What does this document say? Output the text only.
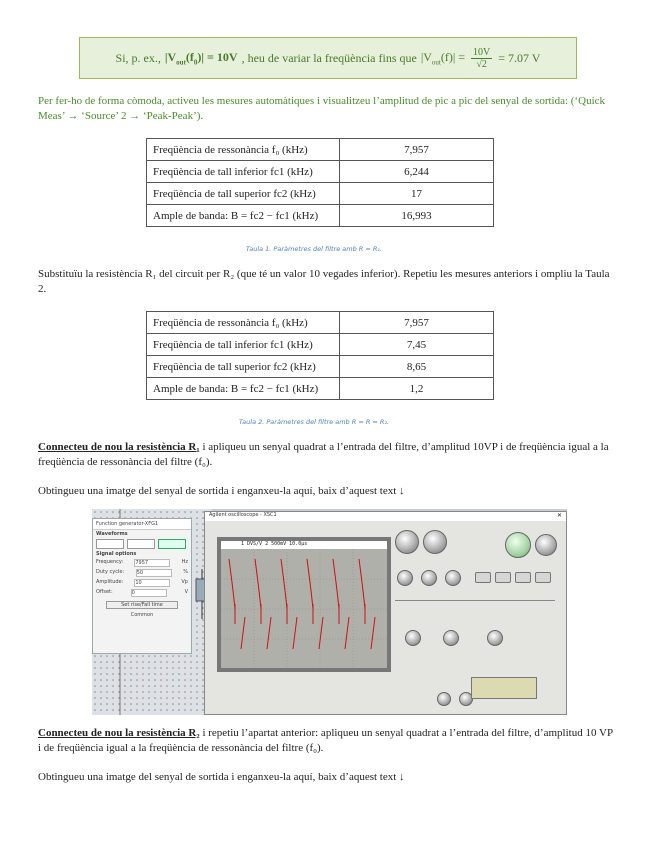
Si, p. ex., $|V_{out}(f_0)| = 10V$ , heu de variar la freqüència fins que $|V_{out}(f)| = \frac{10V}{√2} = 7.07$ V
Per fer-ho de forma còmoda, activeu les mesures automàtiques i visualitzeu l’amplitud de pic a pic del senyal de sortida: (‘Quick Meas’ → ‘Source’ 2 → ‘Peak-Peak’).
Freqüència de ressonància f₀ (kHz)	7,957
Freqüència de tall inferior fc1 (kHz)	6,244
Freqüència de tall superior fc2 (kHz)	17
Ample de banda: B = fc2 − fc1 (kHz)	16,993
Taula 1. Paràmetres del filtre amb R = R₁.
Substituïu la resistència R₁ del circuit per R₂ (que té un valor 10 vegades inferior). Repetiu les mesures anteriors i ompliu la Taula 2.
Freqüència de ressonància f₀ (kHz)	7,957
Freqüència de tall inferior fc1 (kHz)	7,45
Freqüència de tall superior fc2 (kHz)	8,65
Ample de banda: B = fc2 − fc1 (kHz)	1,2
Taula 2. Paràmetres del filtre amb R = R = R₂.
Connecteu de nou la resistència R₁ i apliqueu un senyal quadrat a l’entrada del filtre, d’amplitud 10VP i de freqüència igual a la freqüència de ressonància del filtre (f₀).
Obtingueu una imatge del senyal de sortida i enganxeu-la aquí, baix d’aquest text ↓
Function generator-XFG1
Waveforms
Signal options
Frequency: 7957	Hz
Duty cycle:	50	%
Amplitude: 10	Vp
Offset:	0	V
Set rise/Fall time
Common
Agilent oscilloscope - XSC1	✕
1 DVS/V 2 500mV 10.0µs
Connecteu de nou la resistència R₂ i repetiu l’apartat anterior: apliqueu un senyal quadrat a l’entrada del filtre, d’amplitud 10 VP i de freqüència igual a la freqüència de ressonància del filtre (f₀).
Obtingueu una imatge del senyal de sortida i enganxeu-la aquí, baix d’aquest text ↓
